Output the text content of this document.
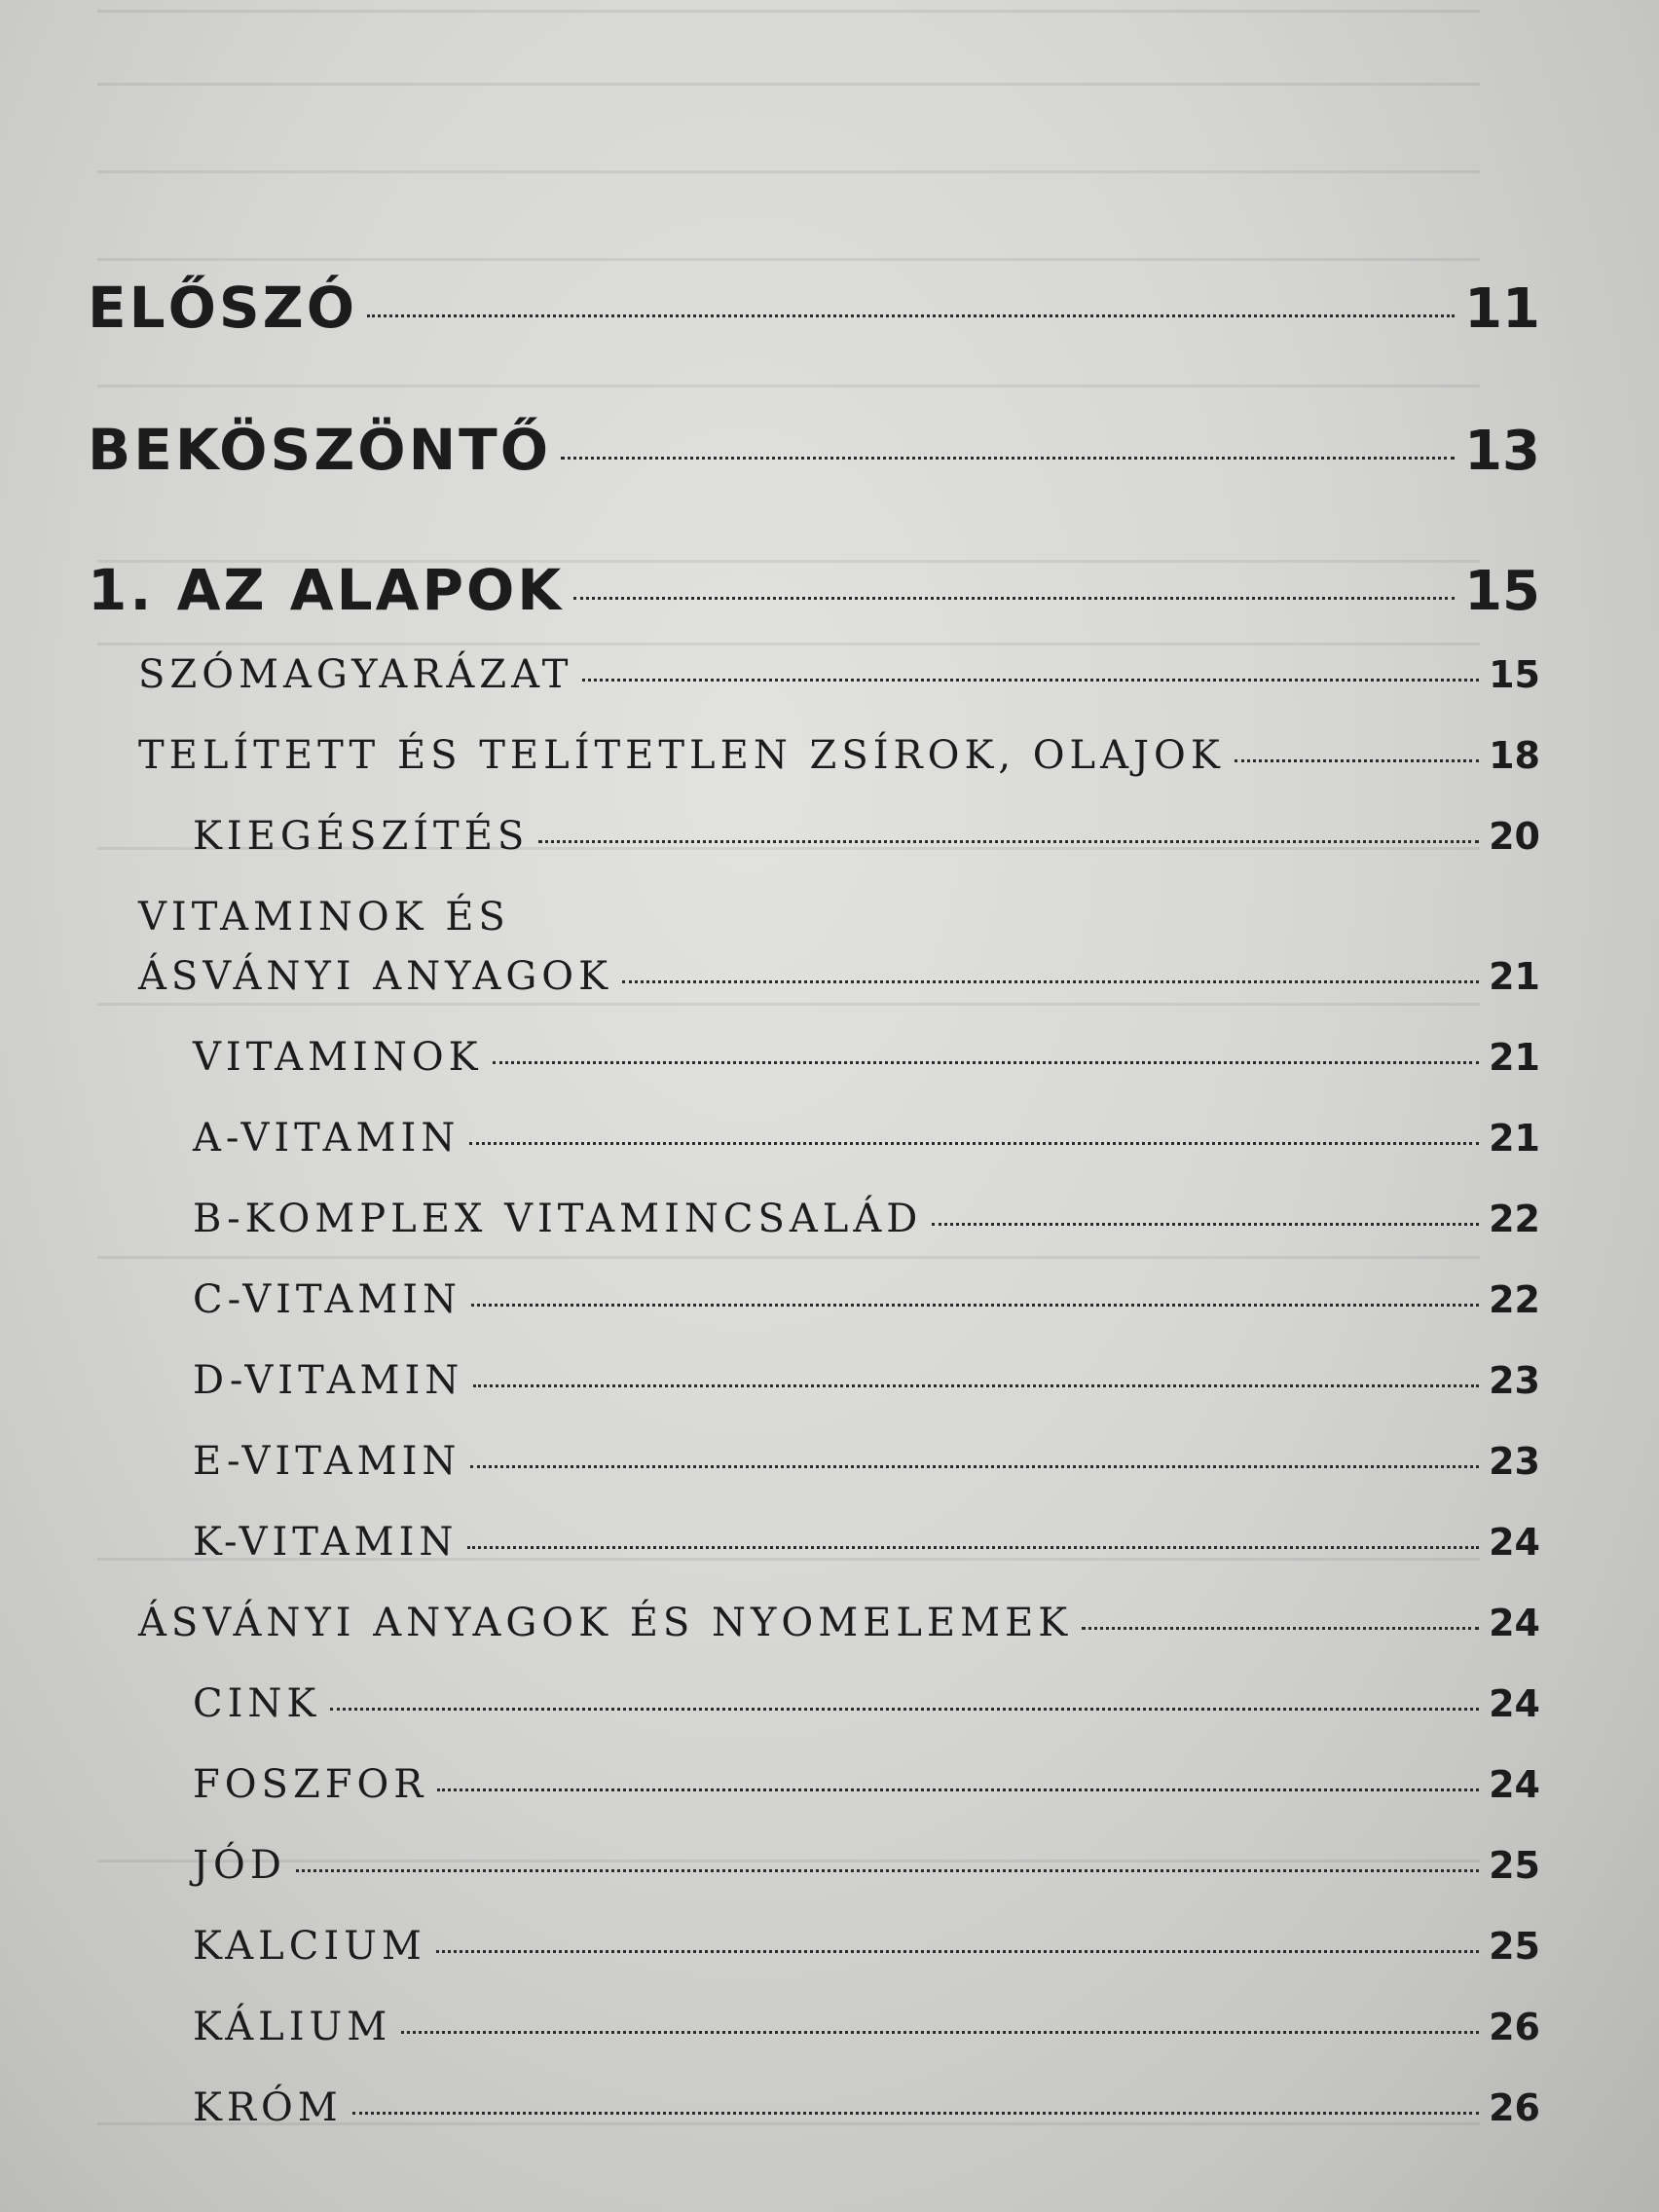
ELŐSZÓ	11
BEKÖSZÖNTŐ	13
1. AZ ALAPOK	15
SZÓMAGYARÁZAT	15
TELÍTETT ÉS TELÍTETLEN ZSÍROK, OLAJOK	18
KIEGÉSZÍTÉS	20
VITAMINOK ÉS
ÁSVÁNYI ANYAGOK	21
VITAMINOK	21
A-VITAMIN	21
B-KOMPLEX VITAMINCSALÁD	22
C-VITAMIN	22
D-VITAMIN	23
E-VITAMIN	23
K-VITAMIN	24
ÁSVÁNYI ANYAGOK ÉS NYOMELEMEK	24
CINK	24
FOSZFOR	24
JÓD	25
KALCIUM	25
KÁLIUM	26
KRÓM	26
